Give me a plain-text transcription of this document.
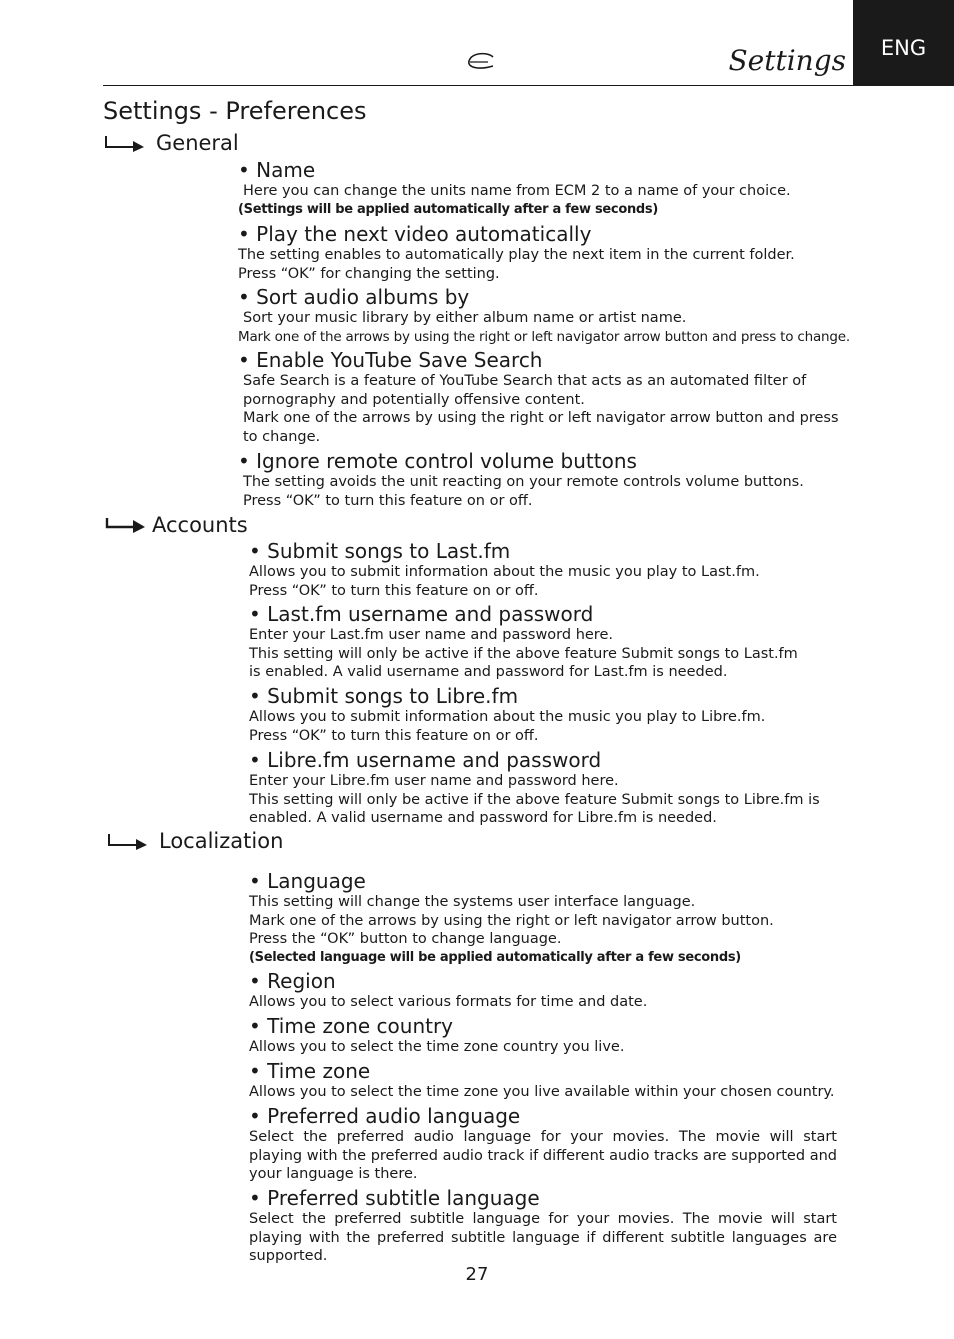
ENG
Settings
Settings - Preferences
General

• Name

Here you can change the units name from ECM 2 to a name of your choice.

(Settings will be applied automatically after a few seconds)

• Play the next video automatically

The setting enables to automatically play the next item in the current folder.

Press “OK” for changing the setting.

• Sort audio albums by

Sort your music library by either album name or artist name.

Mark one of the arrows by using the right or left navigator arrow button and press to change.

• Enable YouTube Save Search

Safe Search is a feature of YouTube Search that acts as an automated filter of

pornography and potentially offensive content.

Mark one of the arrows by using the right or left navigator arrow button and press

to change.

• Ignore remote control volume buttons

The setting avoids the unit reacting on your remote controls volume buttons.

Press “OK” to turn this feature on or off.

Accounts

• Submit songs to Last.fm

Allows you to submit information about the music you play to Last.fm.

Press “OK” to turn this feature on or off.

• Last.fm username and password

Enter your Last.fm user name and password here.

This setting will only be active if the above feature Submit songs to Last.fm

is enabled. A valid username and password for Last.fm is needed.

• Submit songs to Libre.fm

Allows you to submit information about the music you play to Libre.fm.

Press “OK” to turn this feature on or off.

• Libre.fm username and password

Enter your Libre.fm user name and password here.

This setting will only be active if the above feature Submit songs to Libre.fm is

enabled. A valid username and password for Libre.fm is needed.

Localization

• Language

This setting will change the systems user interface language.

Mark one of the arrows by using the right or left navigator arrow button.

Press the “OK” button to change language.

(Selected language will be applied automatically after a few seconds)

• Region

Allows you to select various formats for time and date.

• Time zone country

Allows you to select the time zone country you live.

• Time zone

Allows you to select the time zone you live available within your chosen country.

• Preferred audio language

Select the preferred audio language for your movies. The movie will start playing with the preferred audio track if different audio tracks are supported and your language is there.

• Preferred subtitle language

Select the preferred subtitle language for your movies. The movie will start playing with the preferred subtitle language if different subtitle languages are supported.

27
